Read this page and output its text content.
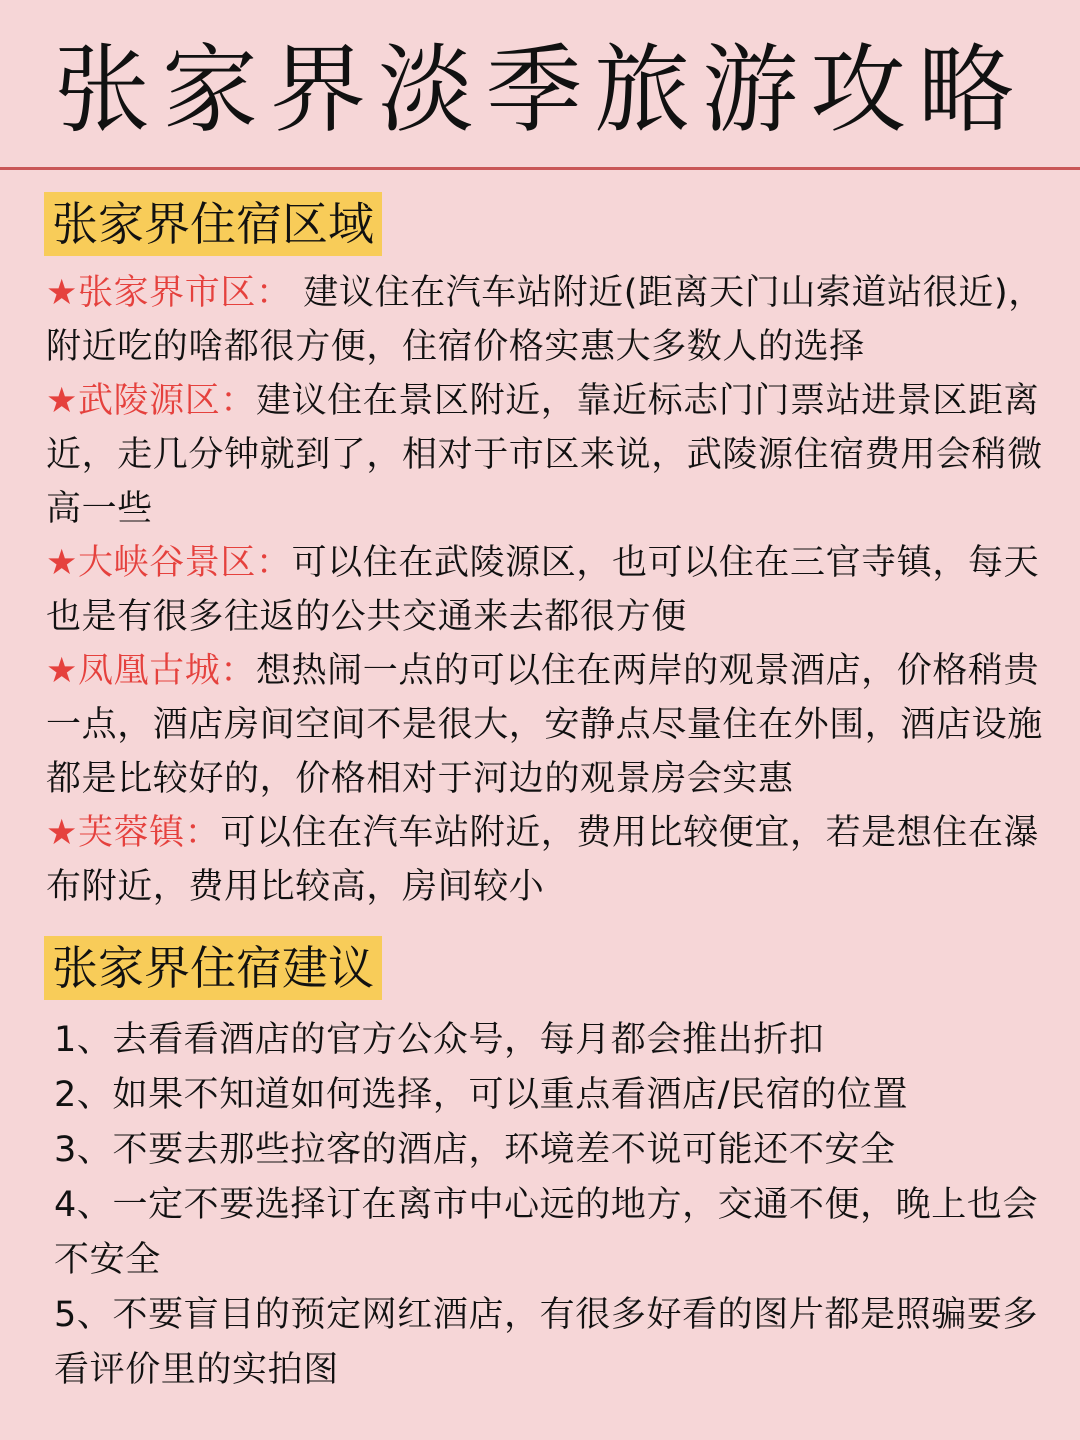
张家界淡季旅游攻略
张家界住宿区域

★张家界市区： 建议住在汽车站附近(距离天门山索道站很近)，附近吃的啥都很方便，住宿价格实惠大多数人的选择

★武陵源区：建议住在景区附近，靠近标志门门票站进景区距离近，走几分钟就到了，相对于市区来说，武陵源住宿费用会稍微高一些

★大峡谷景区：可以住在武陵源区，也可以住在三官寺镇，每天也是有很多往返的公共交通来去都很方便

★凤凰古城：想热闹一点的可以住在两岸的观景酒店，价格稍贵一点，酒店房间空间不是很大，安静点尽量住在外围，酒店设施都是比较好的，价格相对于河边的观景房会实惠

★芙蓉镇：可以住在汽车站附近，费用比较便宜，若是想住在瀑布附近，费用比较高，房间较小

张家界住宿建议

1、去看看酒店的官方公众号，每月都会推出折扣

2、如果不知道如何选择，可以重点看酒店/民宿的位置

3、不要去那些拉客的酒店，环境差不说可能还不安全

4、一定不要选择订在离市中心远的地方，交通不便，晚上也会不安全

5、不要盲目的预定网红酒店，有很多好看的图片都是照骗要多看评价里的实拍图
